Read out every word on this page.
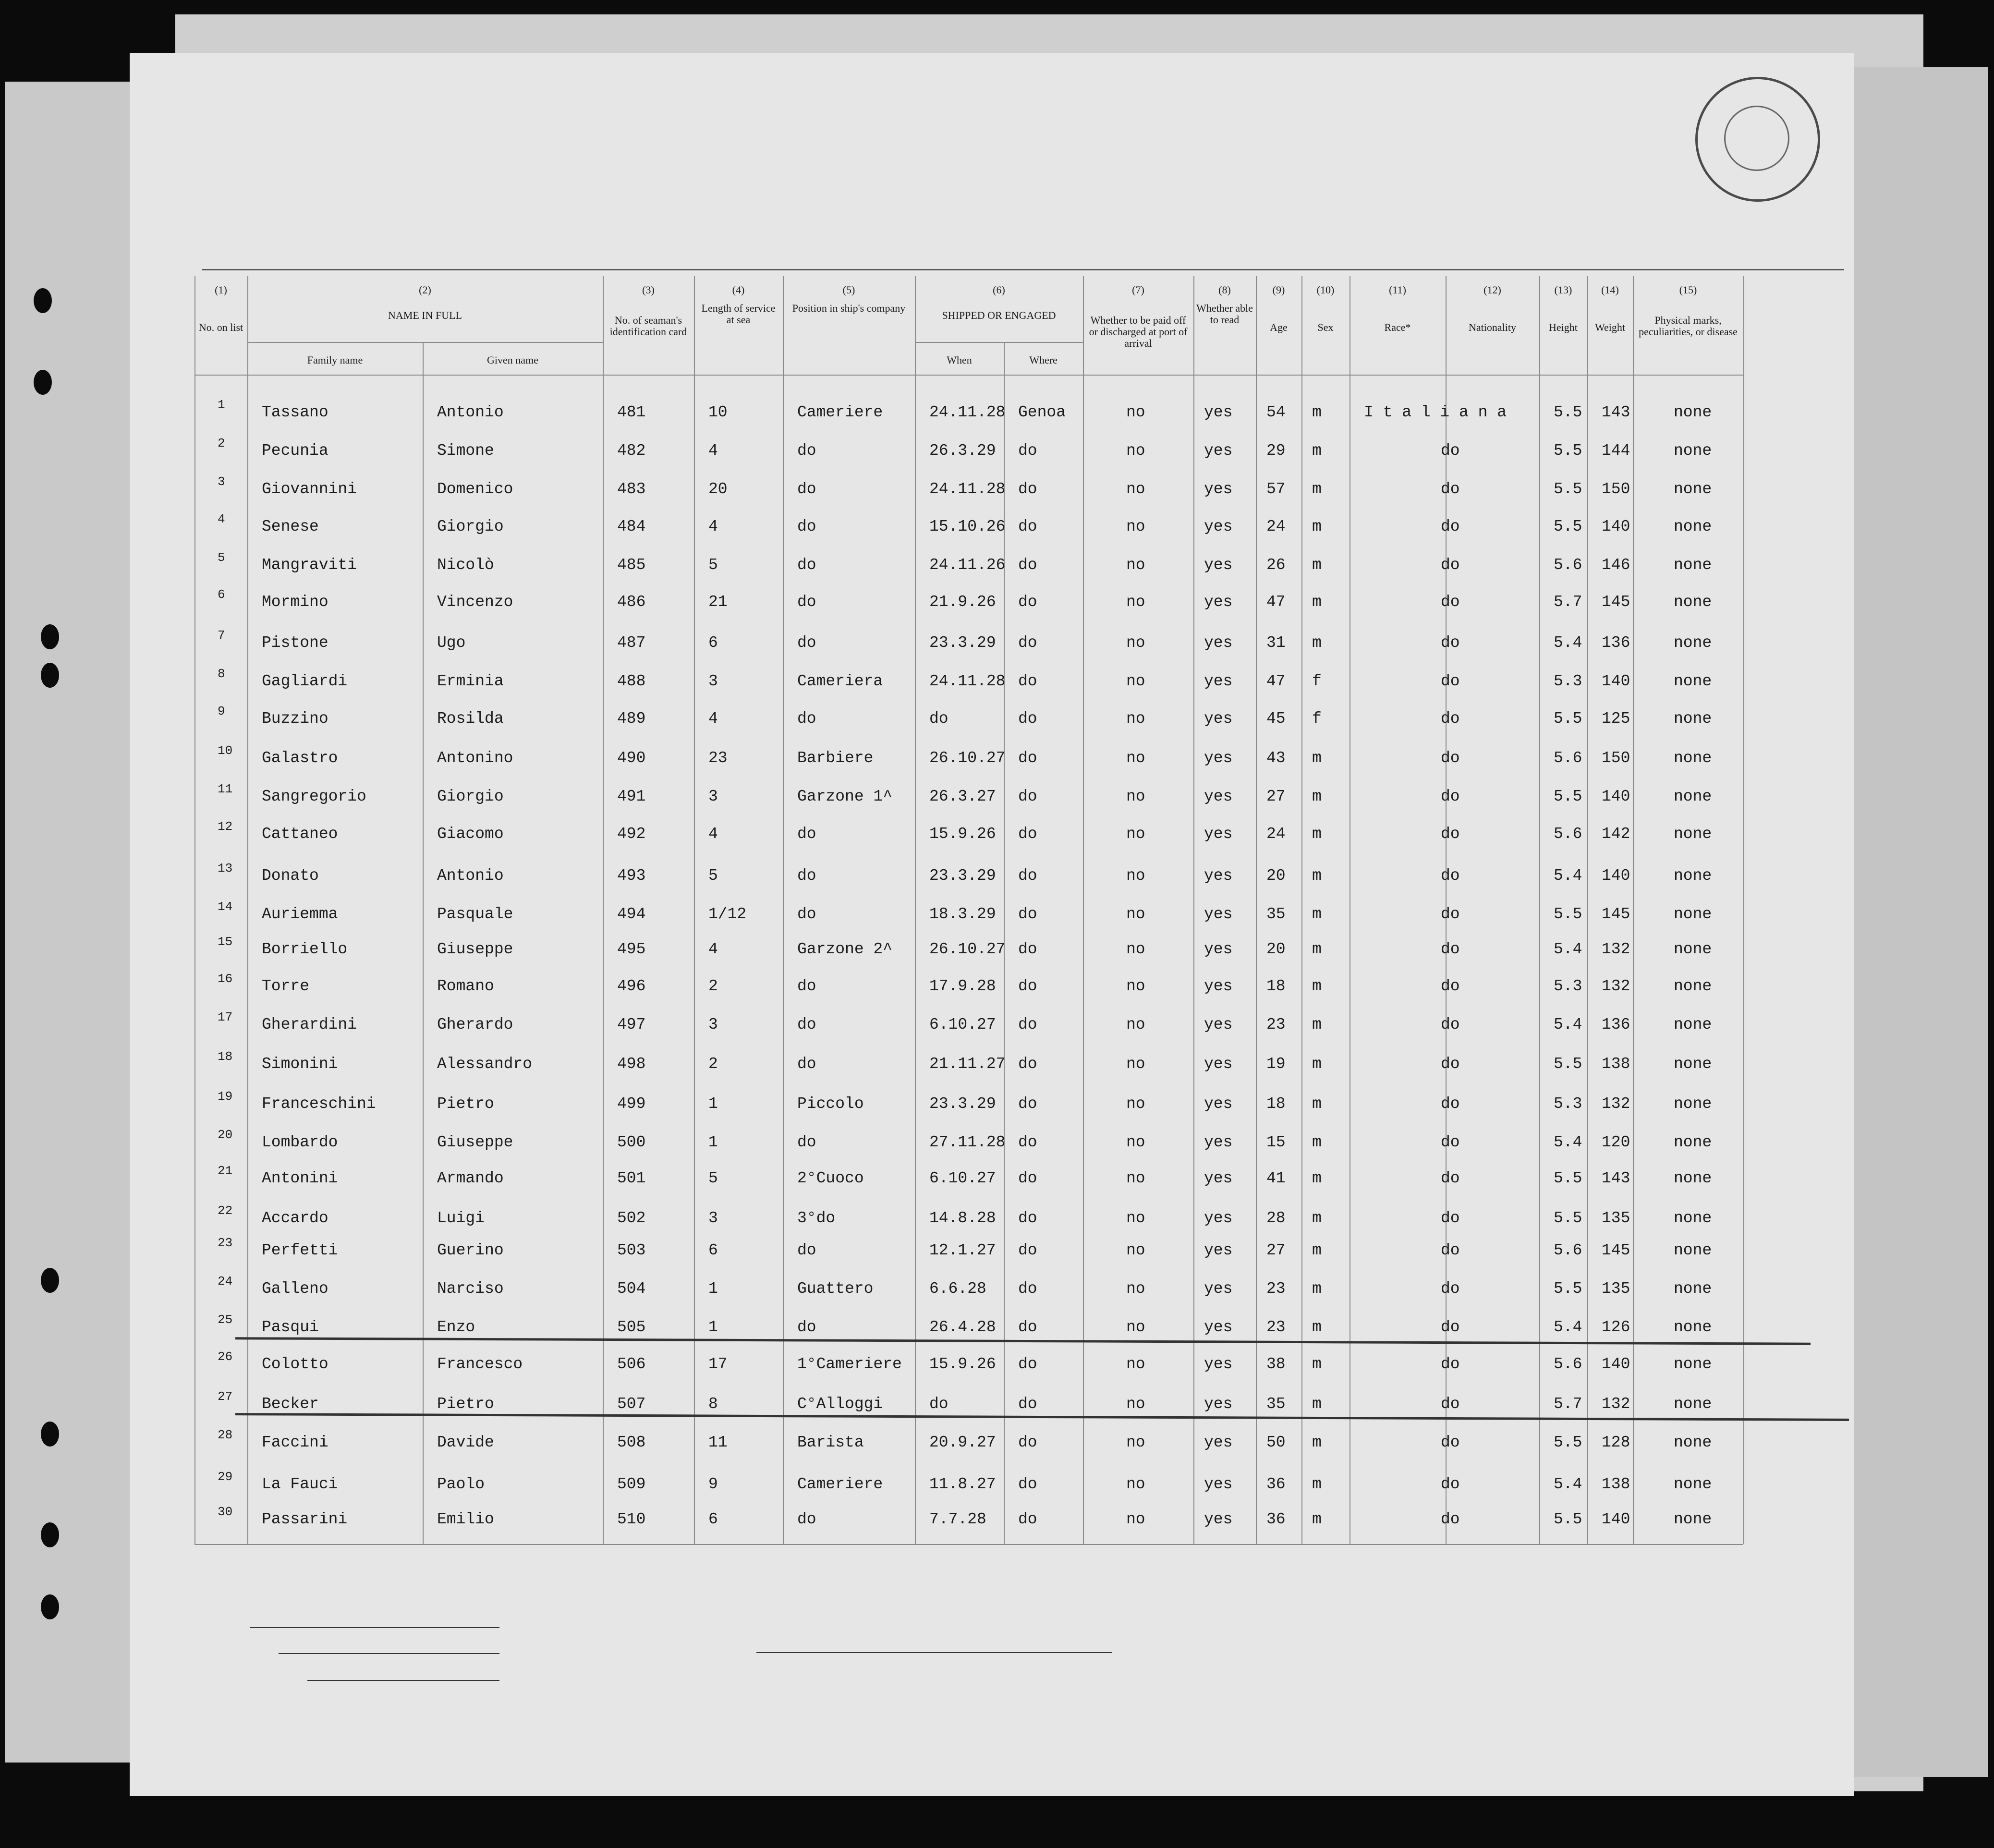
(1)
No. on list
(2)
NAME IN FULL
Family name	Given name
(3)
No. of seaman's identification card
(4)
Length of service at sea
(5)
Position in ship's company
(6)
SHIPPED OR ENGAGED
When	Where
(7)
Whether to be paid off or discharged at port of arrival
(8)
Whether able to read
(9)
Age
(10)
Sex
(11)
Race*
(12)
Nationality
(13)
Height
(14)
Weight
(15)
Physical marks, peculiarities, or disease
1 Tassano	Antonio	481	10	Cameriere	24.11.28 Genoa	no	yes 54 m	I t a l i a n a	5.5 143	none
2 Pecunia	Simone	482	4	do	26.3.29 do	no	yes 29 m	do	5.5 144	none
3 Giovannini	Domenico	483	20	do	24.11.28 do	no	yes 57 m	do	5.5 150	none
4 Senese	Giorgio	484	4	do	15.10.26 do	no	yes 24 m	do	5.5 140	none
5 Mangraviti	Nicolò	485	5	do	24.11.26 do	no	yes 26 m	do	5.6 146	none
6 Mormino	Vincenzo	486	21	do	21.9.26 do	no	yes 47 m	do	5.7 145	none
7 Pistone	Ugo	487	6	do	23.3.29 do	no	yes 31 m	do	5.4 136	none
8 Gagliardi	Erminia	488	3	Cameriera	24.11.28 do	no	yes 47 f	do	5.3 140	none
9 Buzzino	Rosilda	489	4	do	do	do	no	yes 45 f	do	5.5 125	none
10 Galastro	Antonino	490	23	Barbiere	26.10.27 do	no	yes 43 m	do	5.6 150	none
11 Sangregorio	Giorgio	491	3	Garzone 1^ 26.3.27 do	no	yes 27 m	do	5.5 140	none
12 Cattaneo	Giacomo	492	4	do	15.9.26 do	no	yes 24 m	do	5.6 142	none
13 Donato	Antonio	493	5	do	23.3.29 do	no	yes 20 m	do	5.4 140	none
14 Auriemma	Pasquale	494	1/12	do	18.3.29 do	no	yes 35 m	do	5.5 145	none
15 Borriello	Giuseppe	495	4	Garzone 2^ 26.10.27 do	no	yes 20 m	do	5.4 132	none
16 Torre	Romano	496	2	do	17.9.28 do	no	yes 18 m	do	5.3 132	none
17 Gherardini	Gherardo	497	3	do	6.10.27 do	no	yes 23 m	do	5.4 136	none
18 Simonini	Alessandro	498	2	do	21.11.27 do	no	yes 19 m	do	5.5 138	none
19 Franceschini	Pietro	499	1	Piccolo	23.3.29 do	no	yes 18 m	do	5.3 132	none
20 Lombardo	Giuseppe	500	1	do	27.11.28 do	no	yes 15 m	do	5.4 120	none
21 Antonini	Armando	501	5	2°Cuoco	6.10.27 do	no	yes 41 m	do	5.5 143	none
22 Accardo	Luigi	502	3	3°do	14.8.28 do	no	yes 28 m	do	5.5 135	none
23 Perfetti	Guerino	503	6	do	12.1.27 do	no	yes 27 m	do	5.6 145	none
24 Galleno	Narciso	504	1	Guattero	6.6.28 do	no	yes 23 m	do	5.5 135	none
25 Pasqui	Enzo	505	1	do	26.4.28 do	no	yes 23 m	do	5.4 126	none
26 Colotto	Francesco	506	17	1°Cameriere 15.9.26 do	no	yes 38 m	do	5.6 140	none
27 Becker	Pietro	507	8	C°Alloggi	do	do	no	yes 35 m	do	5.7 132	none
28 Faccini	Davide	508	11	Barista	20.9.27 do	no	yes 50 m	do	5.5 128	none
29 La Fauci	Paolo	509	9	Cameriere	11.8.27 do	no	yes 36 m	do	5.4 138	none
30 Passarini	Emilio	510	6	do	7.7.28 do	no	yes 36 m	do	5.5 140	none
